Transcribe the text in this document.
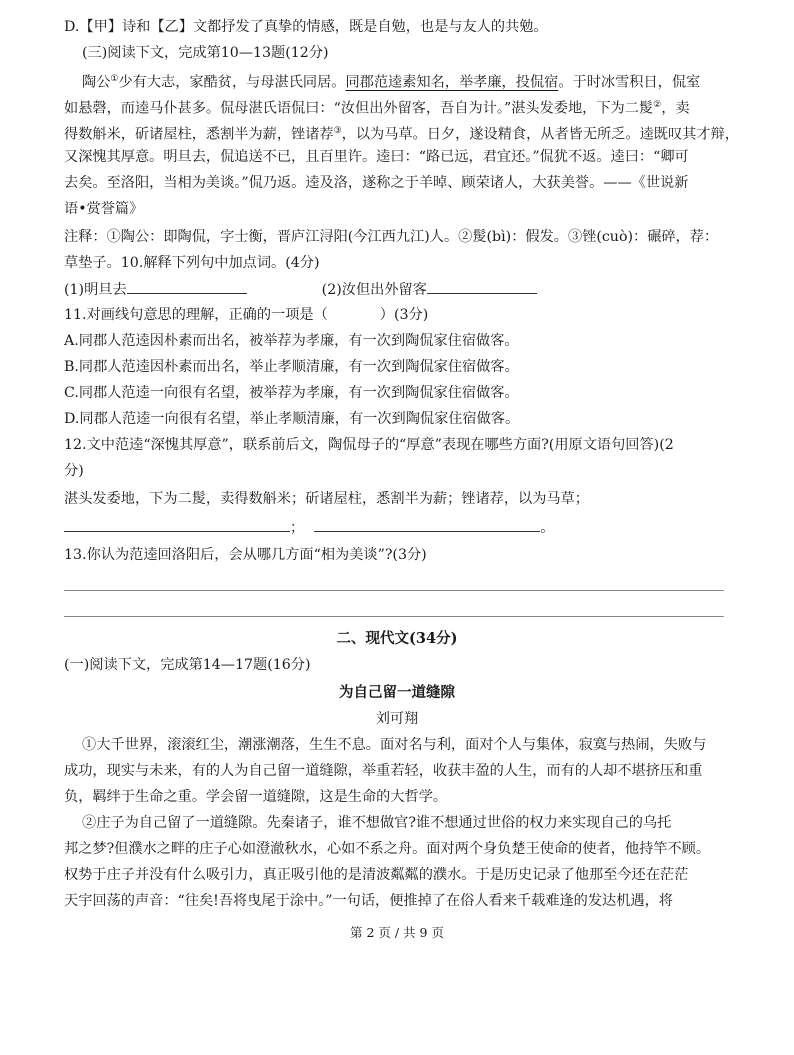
D.【甲】诗和【乙】文都抒发了真挚的情感，既是自勉，也是与友人的共勉。
(三)阅读下文，完成第10—13题(12分)
陶公①少有大志，家酷贫，与母湛氏同居。同郡范逵素知名，举孝廉，投侃宿。于时冰雪积日，侃室
如悬磬，而逵马仆甚多。侃母湛氏语侃曰：“汝但出外留客，吾自为计。”湛头发委地，下为二髲②，卖
得数斛米，斫诸屋柱，悉割半为薪，锉诸荐③，以为马草。日夕，遂设精食，从者皆无所乏。逵既叹其才辩，
又深愧其厚意。明旦去，侃追送不已，且百里许。逵曰：“路已远，君宜还。”侃犹不返。逵曰：“卿可
去矣。至洛阳，当相为美谈。”侃乃返。逵及洛，遂称之于羊晫、顾荣诸人，大获美誉。——《世说新
语•赏誉篇》
注释：①陶公：即陶侃，字士衡，晋庐江浔阳(今江西九江)人。②髲(bì)：假发。③锉(cuò)：碾碎，荐：
草垫子。10.解释下列句中加点词。(4分)
(1)明旦去	(2)汝但出外留客
11.对画线句意思的理解，正确的一项是（	）(3分)
A.同郡人范逵因朴素而出名，被举荐为孝廉，有一次到陶侃家住宿做客。
B.同郡人范逵因朴素而出名，举止孝顺清廉，有一次到陶侃家住宿做客。
C.同郡人范逵一向很有名望，被举荐为孝廉，有一次到陶侃家住宿做客。
D.同郡人范逵一向很有名望，举止孝顺清廉，有一次到陶侃家住宿做客。
12.文中范逵“深愧其厚意”，联系前后文，陶侃母子的“厚意”表现在哪些方面?(用原文语句回答)(2
分)
湛头发委地，下为二髲，卖得数斛米；斫诸屋柱，悉割半为薪；锉诸荐，以为马草；
；	。
13.你认为范逵回洛阳后，会从哪几方面“相为美谈”?(3分)
二、现代文(34分)
(一)阅读下文，完成第14—17题(16分)
为自己留一道缝隙
刘可翔
①大千世界，滚滚红尘，潮涨潮落，生生不息。面对名与利，面对个人与集体，寂寞与热闹，失败与
成功，现实与未来，有的人为自己留一道缝隙，举重若轻，收获丰盈的人生，而有的人却不堪挤压和重
负，羁绊于生命之重。学会留一道缝隙，这是生命的大哲学。
②庄子为自己留了一道缝隙。先秦诸子，谁不想做官?谁不想通过世俗的权力来实现自己的乌托
邦之梦?但濮水之畔的庄子心如澄澈秋水，心如不系之舟。面对两个身负楚王使命的使者，他持竿不顾。
权势于庄子并没有什么吸引力，真正吸引他的是清波粼粼的濮水。于是历史记录了他那至今还在茫茫
天宇回荡的声音：“往矣!吾将曳尾于涂中。”一句话，便推掉了在俗人看来千载难逢的发达机遇，将
第 2 页 / 共 9 页
